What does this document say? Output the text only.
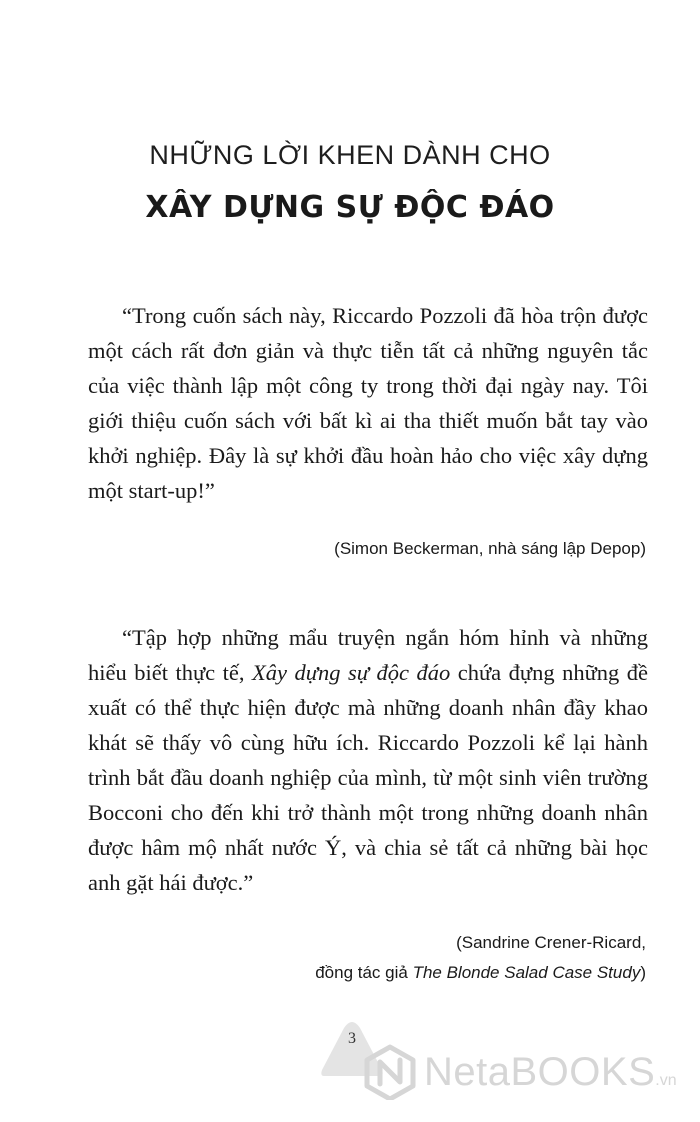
NHỮNG LỜI KHEN DÀNH CHO
XÂY DỰNG SỰ ĐỘC ĐÁO

“Trong cuốn sách này, Riccardo Pozzoli đã hòa trộn được một cách rất đơn giản và thực tiễn tất cả những nguyên tắc của việc thành lập một công ty trong thời đại ngày nay. Tôi giới thiệu cuốn sách với bất kì ai tha thiết muốn bắt tay vào khởi nghiệp. Đây là sự khởi đầu hoàn hảo cho việc xây dựng một start-up!”

(Simon Beckerman, nhà sáng lập Depop)

“Tập hợp những mẩu truyện ngắn hóm hỉnh và những hiểu biết thực tế, Xây dựng sự độc đáo chứa đựng những đề xuất có thể thực hiện được mà những doanh nhân đầy khao khát sẽ thấy vô cùng hữu ích. Riccardo Pozzoli kể lại hành trình bắt đầu doanh nghiệp của mình, từ một sinh viên trường Bocconi cho đến khi trở thành một trong những doanh nhân được hâm mộ nhất nước Ý, và chia sẻ tất cả những bài học anh gặt hái được.”

(Sandrine Crener-Ricard,
đồng tác giả The Blonde Salad Case Study)
3
NetaBOOKS.vn
